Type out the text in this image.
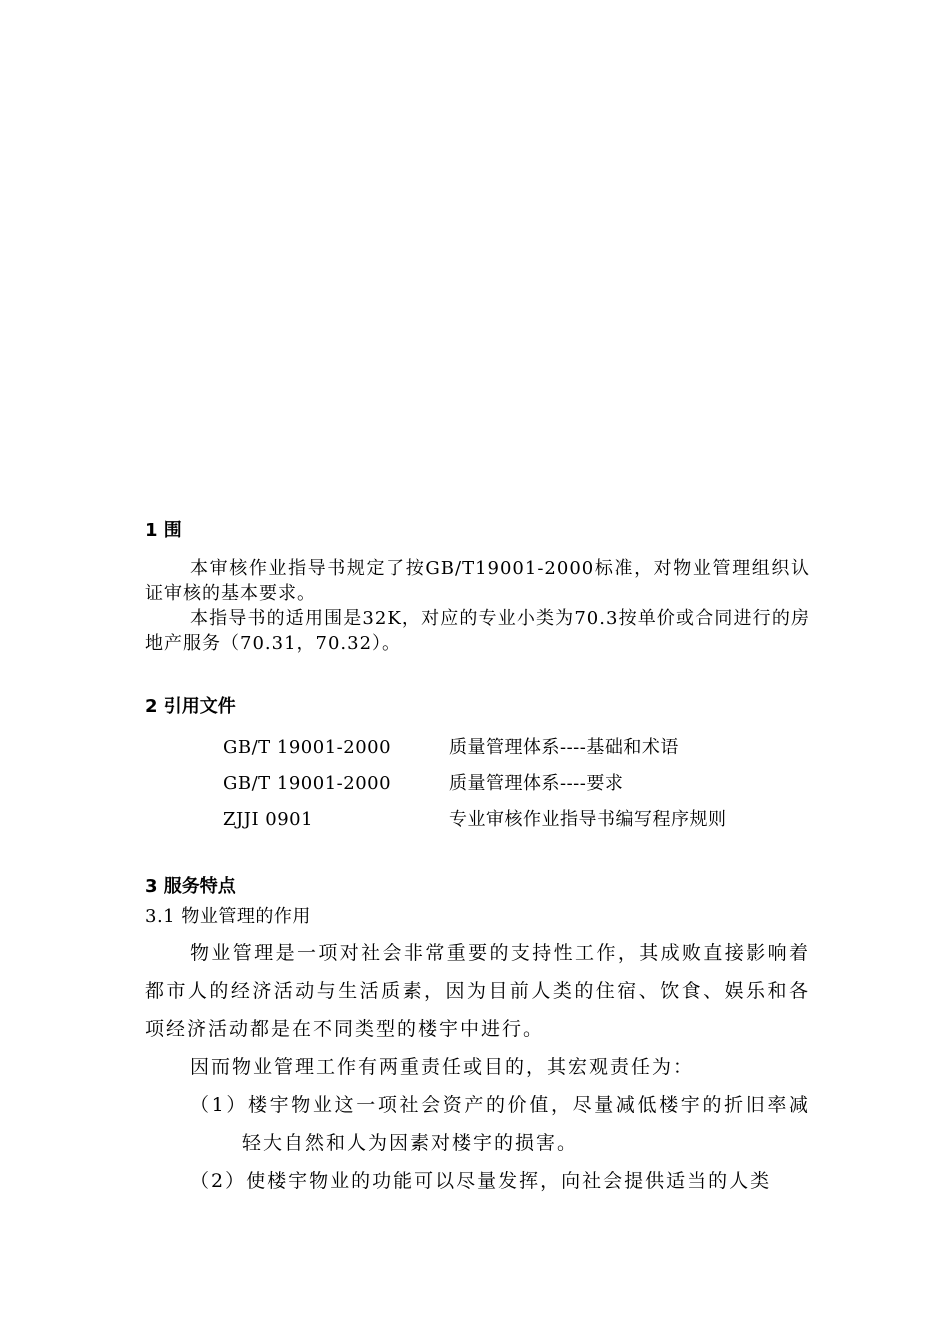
1 围

本审核作业指导书规定了按GB/T19001-2000标准，对物业管理组织认证审核的基本要求。

本指导书的适用围是32K，对应的专业小类为70.3按单价或合同进行的房地产服务（70.31，70.32）。

2 引用文件

GB/T 19001-2000	质量管理体系----基础和术语
GB/T 19001-2000	质量管理体系----要求
ZJJI 0901	专业审核作业指导书编写程序规则

3 服务特点

3.1 物业管理的作用

物业管理是一项对社会非常重要的支持性工作，其成败直接影响着都市人的经济活动与生活质素，因为目前人类的住宿、饮食、娱乐和各项经济活动都是在不同类型的楼宇中进行。

因而物业管理工作有两重责任或目的，其宏观责任为：

（1）楼宇物业这一项社会资产的价值，尽量减低楼宇的折旧率减轻大自然和人为因素对楼宇的损害。

（2）使楼宇物业的功能可以尽量发挥，向社会提供适当的人类
